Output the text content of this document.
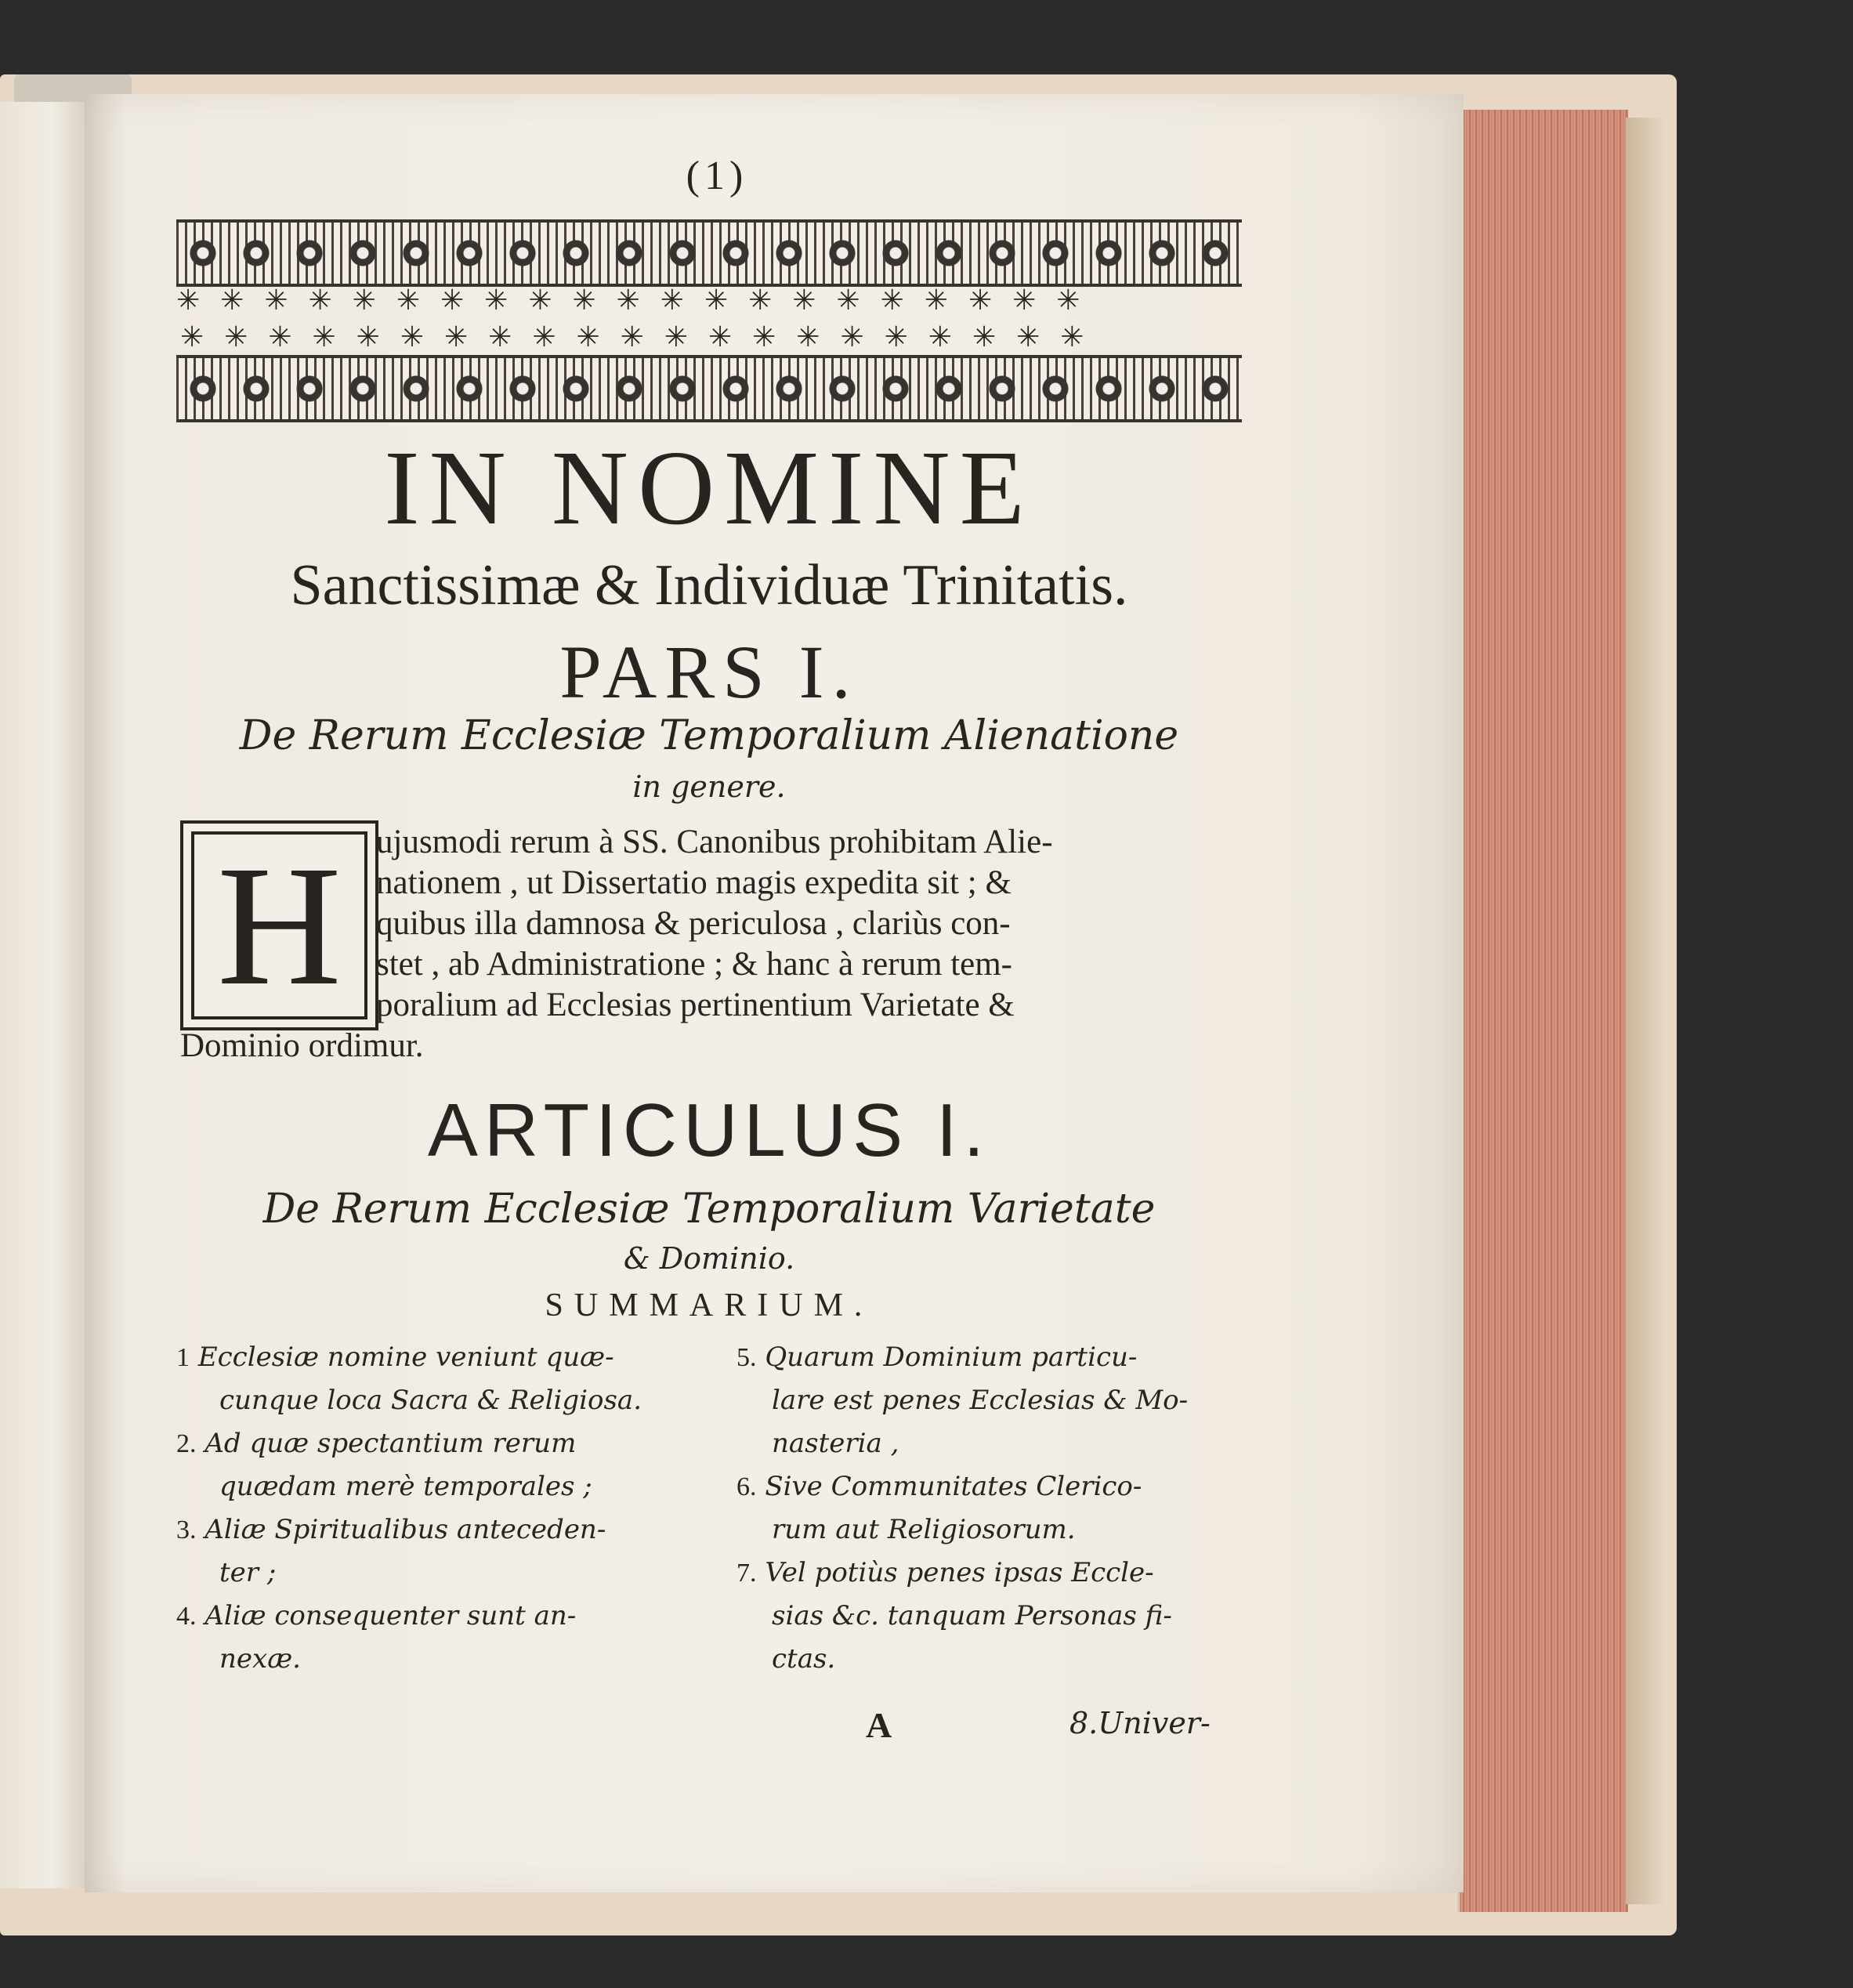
(1)
✳✳✳✳✳✳✳✳✳✳✳✳✳✳✳✳✳✳✳✳✳
✳✳✳✳✳✳✳✳✳✳✳✳✳✳✳✳✳✳✳✳✳
IN NOMINE
Sanctissimæ & Individuæ Trinitatis.
PARS I.
De Rerum Ecclesiæ Temporalium Alienatione
in genere.
H ujusmodi rerum à SS. Canonibus prohibitam Alie-
nationem , ut Dissertatio magis expedita sit ; &
quibus illa damnosa & periculosa , clariùs con-
stet , ab Administratione ; & hanc à rerum tem-
poralium ad Ecclesias pertinentium Varietate &
Dominio ordimur.
ARTICULUS I.
De Rerum Ecclesiæ Temporalium Varietate
& Dominio.
SUMMARIUM.
1 Ecclesiæ nomine veniunt quæ-
cunque loca Sacra & Religiosa.
2. Ad quæ spectantium rerum
quædam merè temporales ;
3. Aliæ Spiritualibus anteceden-
ter ;
4. Aliæ consequenter sunt an-
nexæ.
5. Quarum Dominium particu-
lare est penes Ecclesias & Mo-
nasteria ,
6. Sive Communitates Clerico-
rum aut Religiosorum.
7. Vel potiùs penes ipsas Eccle-
sias &c. tanquam Personas fi-
ctas.
A	8.Univer-
